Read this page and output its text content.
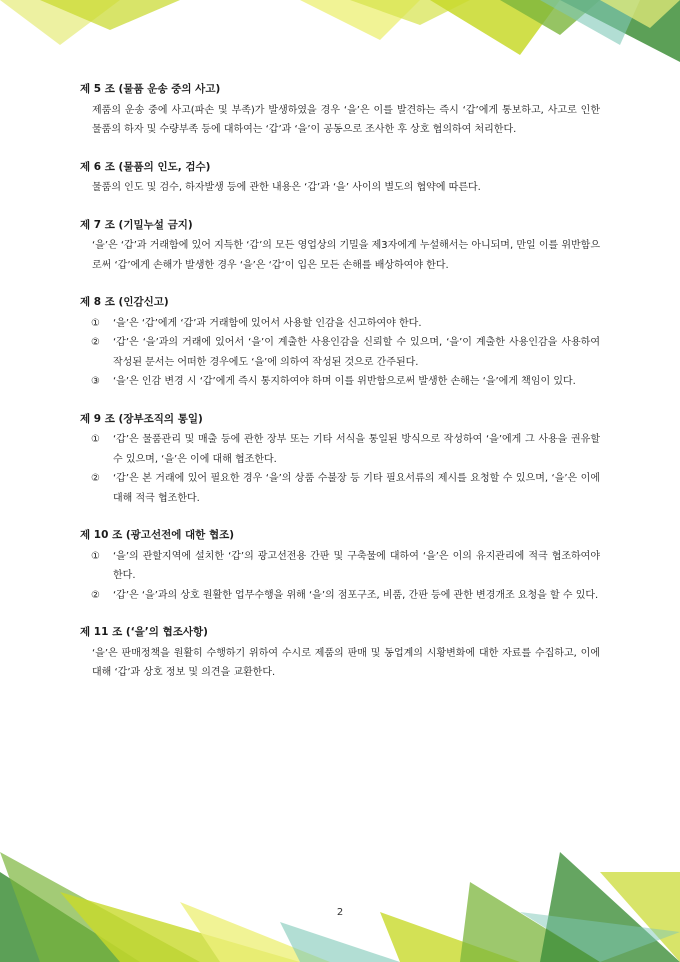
제 5 조 (물품 운송 중의 사고)
제품의 운송 중에 사고(파손 및 부족)가 발생하였을 경우 ‘을’은 이를 발견하는 즉시 ‘갑’에게 통보하고, 사고로 인한 물품의 하자 및 수량부족 등에 대하여는 ‘갑’과 ‘을’이 공동으로 조사한 후 상호 협의하여 처리한다.
제 6 조 (물품의 인도, 검수)
물품의 인도 및 검수, 하자발생 등에 관한 내용은 ‘갑’과 ‘을’ 사이의 별도의 협약에 따른다.
제 7 조 (기밀누설 금지)
‘을’은 ‘갑’과 거래함에 있어 지득한 ‘갑’의 모든 영업상의 기밀을 제3자에게 누설해서는 아니되며, 만일 이를 위반함으로써 ‘갑’에게 손해가 발생한 경우 ‘을’은 ‘갑’이 입은 모든 손해를 배상하여야 한다.
제 8 조 (인감신고)
① ‘을’은 ‘갑’에게 ‘갑’과 거래함에 있어서 사용할 인감을 신고하여야 한다.
② ‘갑’은 ‘을’과의 거래에 있어서 ‘을’이 계출한 사용인감을 신뢰할 수 있으며, ‘을’이 계출한 사용인감을 사용하여 작성된 문서는 어떠한 경우에도 ‘을’에 의하여 작성된 것으로 간주된다.
③ ‘을’은 인감 변경 시 ‘갑’에게 즉시 통지하여야 하며 이를 위반함으로써 발생한 손해는 ‘을’에게 책임이 있다.
제 9 조 (장부조직의 통일)
① ‘갑’은 물품관리 및 매출 등에 관한 장부 또는 기타 서식을 통일된 방식으로 작성하여 ‘을’에게 그 사용을 권유할 수 있으며, ‘을’은 이에 대해 협조한다.
② ‘갑’은 본 거래에 있어 필요한 경우 ‘을’의 상품 수불장 등 기타 필요서류의 제시를 요청할 수 있으며, ‘을’은 이에 대해 적극 협조한다.
제 10 조 (광고선전에 대한 협조)
① ‘을’의 관할지역에 설치한 ‘갑’의 광고선전용 간판 및 구축물에 대하여 ‘을’은 이의 유지관리에 적극 협조하여야 한다.
② ‘갑’은 ‘을’과의 상호 원활한 업무수행을 위해 ‘을’의 점포구조, 비품, 간판 등에 관한 변경개조 요청을 할 수 있다.
제 11 조 (‘을’의 협조사항)
‘을’은 판매정책을 원활히 수행하기 위하여 수시로 제품의 판매 및 동업계의 시황변화에 대한 자료를 수집하고, 이에 대해 ‘갑’과 상호 정보 및 의견을 교환한다.
2
